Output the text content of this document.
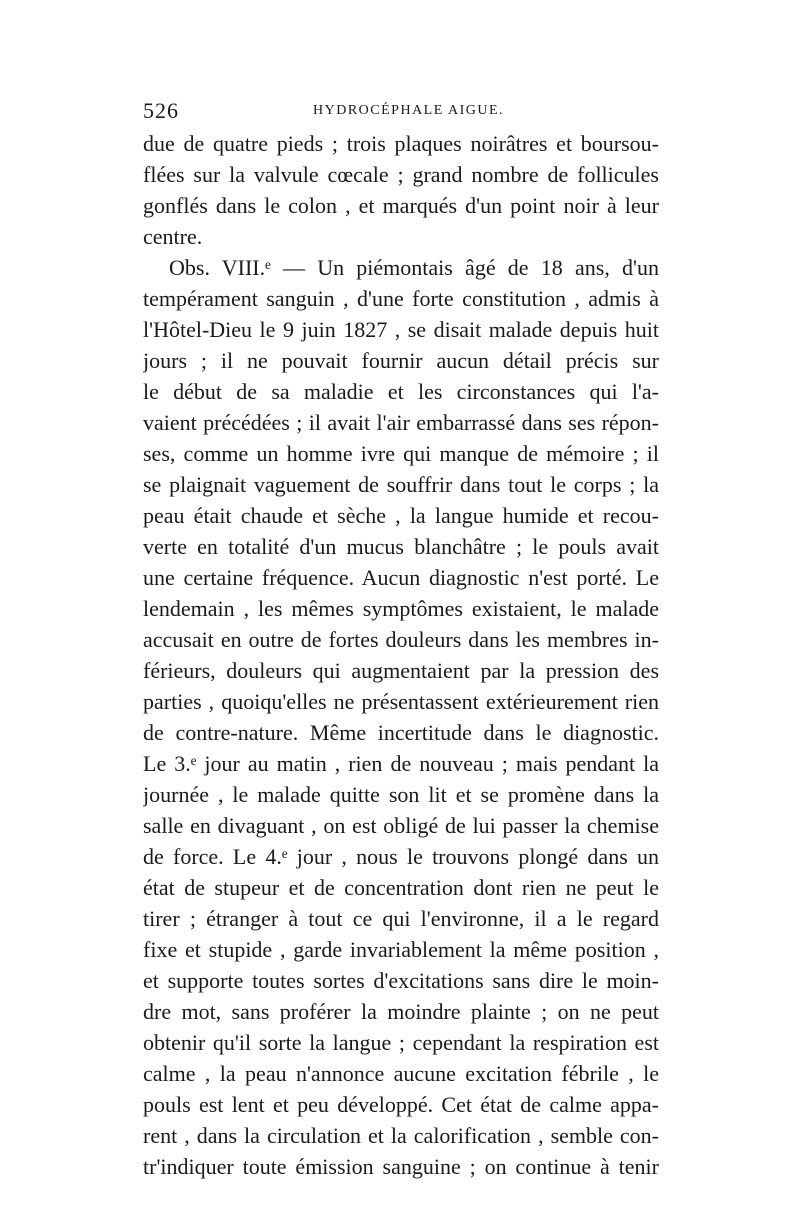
526	HYDROCÉPHALE AIGUE.
due de quatre pieds ; trois plaques noirâtres et boursou-
flées sur la valvule cœcale ; grand nombre de follicules
gonflés dans le colon , et marqués d'un point noir à leur
centre.
Obs. VIII.ᵉ — Un piémontais âgé de 18 ans, d'un
tempérament sanguin , d'une forte constitution , admis à
l'Hôtel-Dieu le 9 juin 1827 , se disait malade depuis huit
jours ; il ne pouvait fournir aucun détail précis sur
le début de sa maladie et les circonstances qui l'a-
vaient précédées ; il avait l'air embarrassé dans ses répon-
ses, comme un homme ivre qui manque de mémoire ; il
se plaignait vaguement de souffrir dans tout le corps ; la
peau était chaude et sèche , la langue humide et recou-
verte en totalité d'un mucus blanchâtre ; le pouls avait
une certaine fréquence. Aucun diagnostic n'est porté. Le
lendemain , les mêmes symptômes existaient, le malade
accusait en outre de fortes douleurs dans les membres in-
férieurs, douleurs qui augmentaient par la pression des
parties , quoiqu'elles ne présentassent extérieurement rien
de contre-nature. Même incertitude dans le diagnostic.
Le 3.ᵉ jour au matin , rien de nouveau ; mais pendant la
journée , le malade quitte son lit et se promène dans la
salle en divaguant , on est obligé de lui passer la chemise
de force. Le 4.ᵉ jour , nous le trouvons plongé dans un
état de stupeur et de concentration dont rien ne peut le
tirer ; étranger à tout ce qui l'environne, il a le regard
fixe et stupide , garde invariablement la même position ,
et supporte toutes sortes d'excitations sans dire le moin-
dre mot, sans proférer la moindre plainte ; on ne peut
obtenir qu'il sorte la langue ; cependant la respiration est
calme , la peau n'annonce aucune excitation fébrile , le
pouls est lent et peu développé. Cet état de calme appa-
rent , dans la circulation et la calorification , semble con-
tr'indiquer toute émission sanguine ; on continue à tenir
